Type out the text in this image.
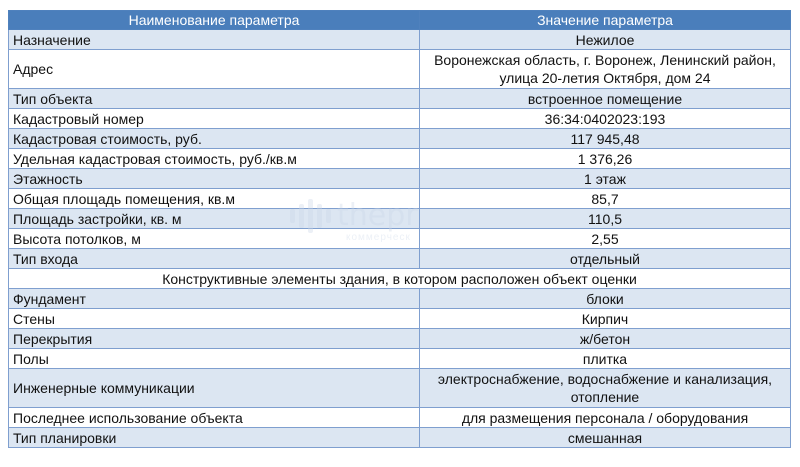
Наименование параметра	Значение параметра
Назначение	Нежилое
Адрес	Воронежская область, г. Воронеж, Ленинский район, улица 20-летия Октября, дом 24
Тип объекта	встроенное помещение
Кадастровый номер	36:34:0402023:193
Кадастровая стоимость, руб.	117 945,48
Удельная кадастровая стоимость, руб./кв.м	1 376,26
Этажность	1 этаж
Общая площадь помещения, кв.м	85,7
Площадь застройки, кв. м	110,5
Высота потолков, м	2,55
Тип входа	отдельный
Конструктивные элементы здания, в котором расположен объект оценки	
Фундамент	блоки
Стены	Кирпич
Перекрытия	ж/бетон
Полы	плитка
Инженерные коммуникации	электроснабжение, водоснабжение и канализация, отопление
Последнее использование объекта	для размещения персонала / оборудования
Тип планировки	смешанная
thepr
коммерческ
